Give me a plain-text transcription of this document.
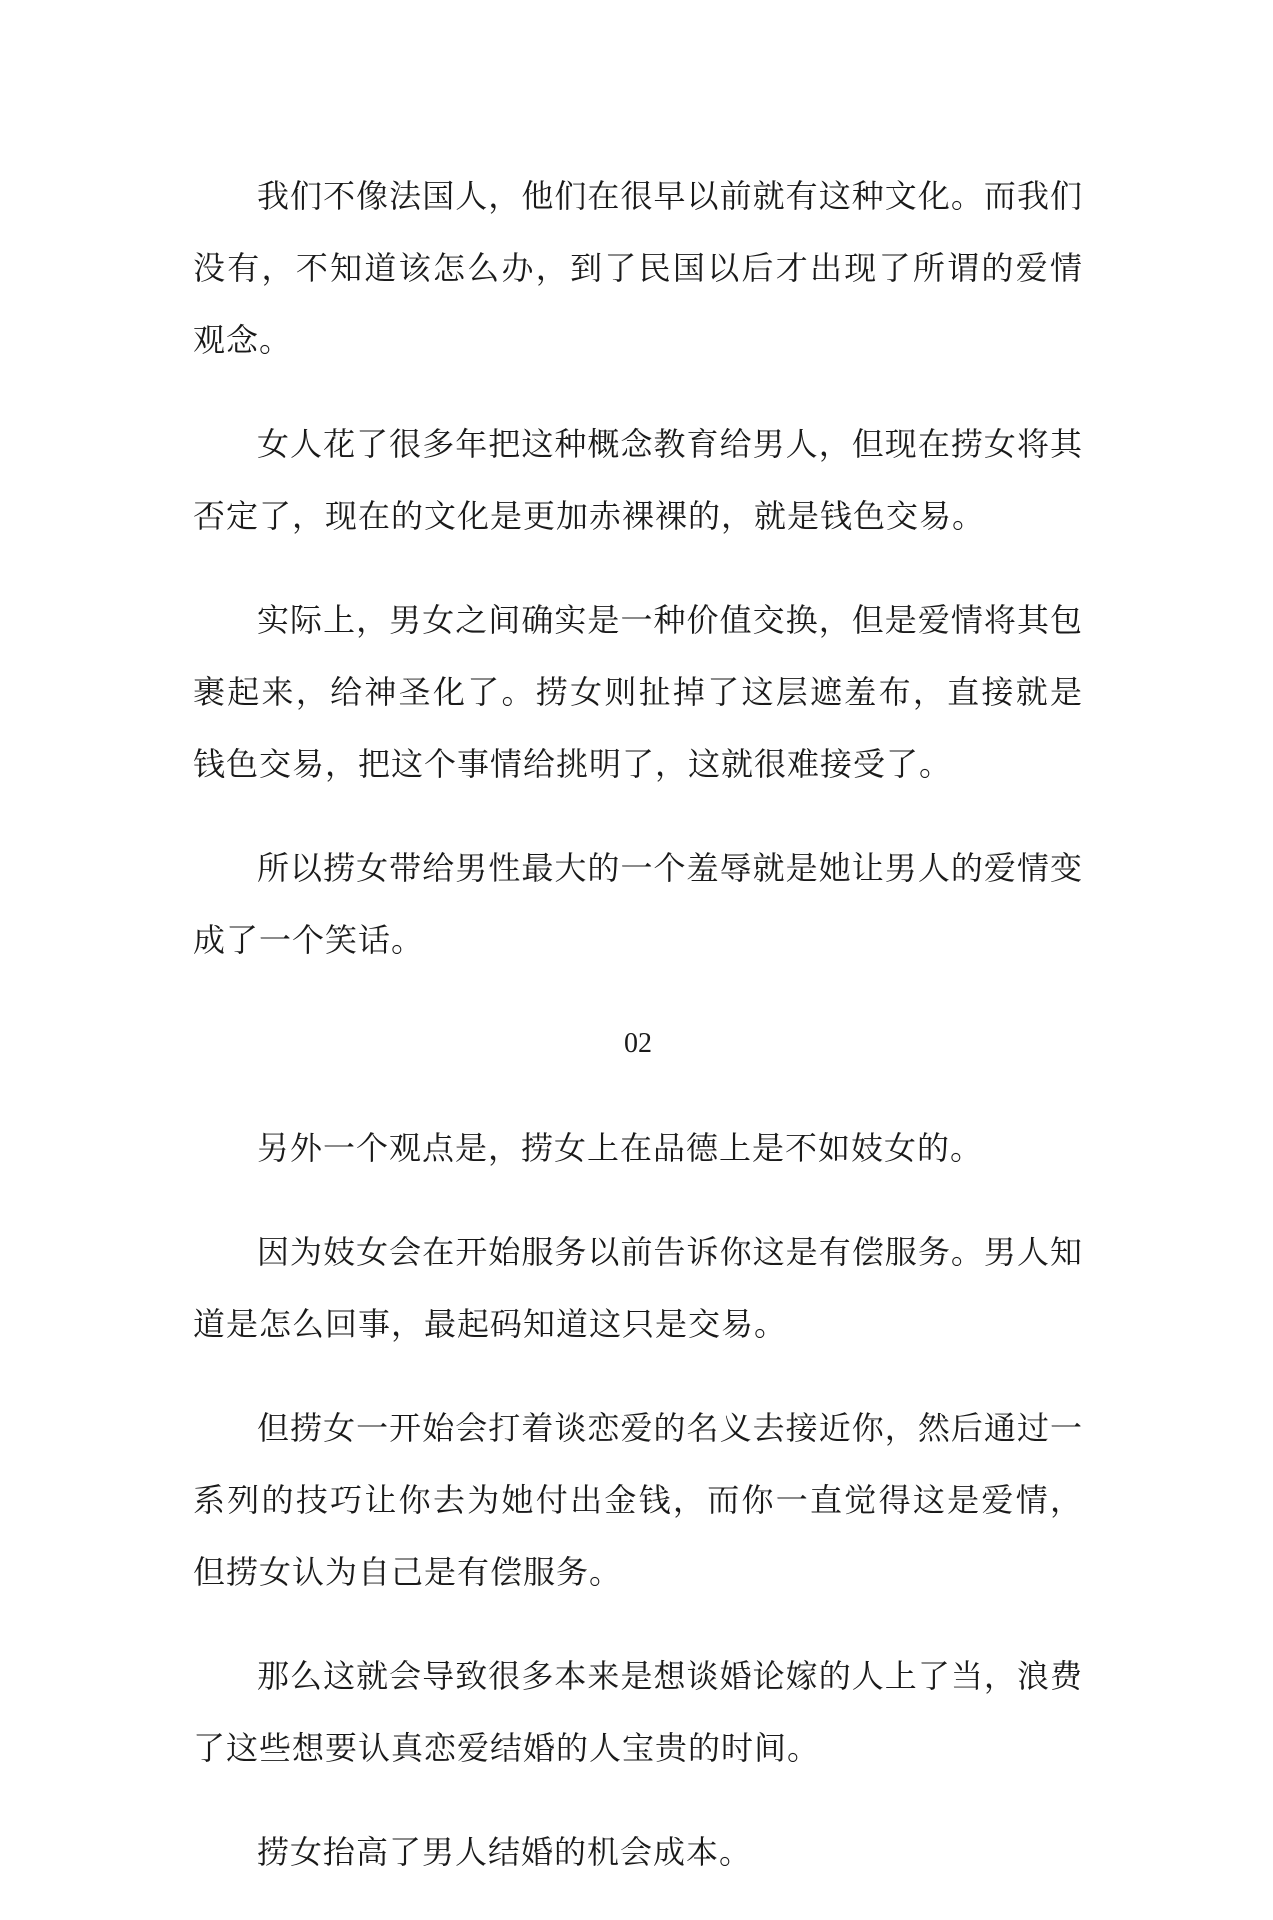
我们不像法国人，他们在很早以前就有这种文化。而我们没有，不知道该怎么办，到了民国以后才出现了所谓的爱情观念。

女人花了很多年把这种概念教育给男人，但现在捞女将其否定了，现在的文化是更加赤裸裸的，就是钱色交易。

实际上，男女之间确实是一种价值交换，但是爱情将其包裹起来，给神圣化了。捞女则扯掉了这层遮羞布，直接就是钱色交易，把这个事情给挑明了，这就很难接受了。

所以捞女带给男性最大的一个羞辱就是她让男人的爱情变成了一个笑话。

02

另外一个观点是，捞女上在品德上是不如妓女的。

因为妓女会在开始服务以前告诉你这是有偿服务。男人知道是怎么回事，最起码知道这只是交易。

但捞女一开始会打着谈恋爱的名义去接近你，然后通过一系列的技巧让你去为她付出金钱，而你一直觉得这是爱情，但捞女认为自己是有偿服务。

那么这就会导致很多本来是想谈婚论嫁的人上了当，浪费了这些想要认真恋爱结婚的人宝贵的时间。

捞女抬高了男人结婚的机会成本。
